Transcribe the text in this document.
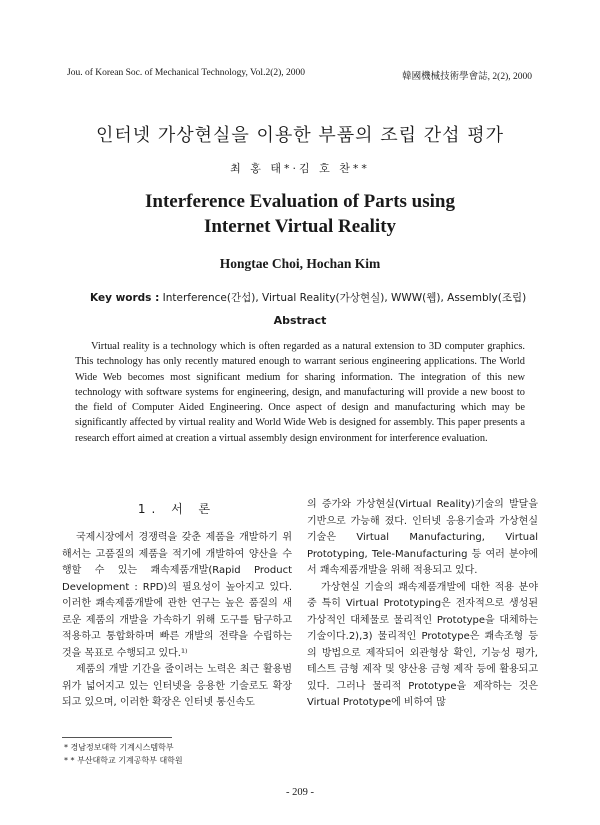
Jou. of Korean Soc. of Mechanical Technology, Vol.2(2), 2000	韓國機械技術學會誌, 2(2), 2000
인터넷 가상현실을 이용한 부품의 조립 간섭 평가
최 홍 태*·김 호 찬**
Interference Evaluation of Parts using
Internet Virtual Reality
Hongtae Choi, Hochan Kim
Key words : Interference(간섭), Virtual Reality(가상현실), WWW(웹), Assembly(조립)
Abstract
Virtual reality is a technology which is often regarded as a natural extension to 3D computer graphics. This technology has only recently matured enough to warrant serious engineering applications. The World Wide Web becomes most significant medium for sharing information. The integration of this new technology with software systems for engineering, design, and manufacturing will provide a new boost to the field of Computer Aided Engineering. Once aspect of design and manufacturing which may be significantly affected by virtual reality and World Wide Web is designed for assembly. This paper presents a research effort aimed at creation a virtual assembly design environment for interference evaluation.
1. 서 론

국제시장에서 경쟁력을 갖춘 제품을 개발하기 위해서는 고품질의 제품을 적기에 개발하여 양산을 수행할 수 있는 쾌속제품개발(Rapid Product Development : RPD)의 필요성이 높아지고 있다. 이러한 쾌속제품개발에 관한 연구는 높은 품질의 새로운 제품의 개발을 가속하기 위해 도구를 탐구하고 적용하고 통합화하며 빠른 개발의 전략을 수립하는 것을 목표로 수행되고 있다.¹⁾

제품의 개발 기간을 줄이려는 노력은 최근 활용범위가 넓어지고 있는 인터넷을 응용한 기술로도 확장되고 있으며, 이러한 확장은 인터넷 통신속도

의 증가와 가상현실(Virtual Reality)기술의 발달을 기반으로 가능해 졌다. 인터넷 응용기술과 가상현실 기술은 Virtual Manufacturing, Virtual Prototyping, Tele-Manufacturing 등 여러 분야에서 쾌속제품개발을 위해 적용되고 있다.

가상현실 기술의 쾌속제품개발에 대한 적용 분야 중 특히 Virtual Prototyping은 전자적으로 생성된 가상적인 대체물로 물리적인 Prototype을 대체하는 기술이다.2),3) 물리적인 Prototype은 쾌속조형 등의 방법으로 제작되어 외관형상 확인, 기능성 평가, 테스트 금형 제작 및 양산용 금형 제작 등에 활용되고 있다. 그러나 물리적 Prototype을 제작하는 것은 Virtual Prototype에 비하여 많

* 경남정보대학 기계시스템학부
* * 부산대학교 기계공학부 대학원
- 209 -
